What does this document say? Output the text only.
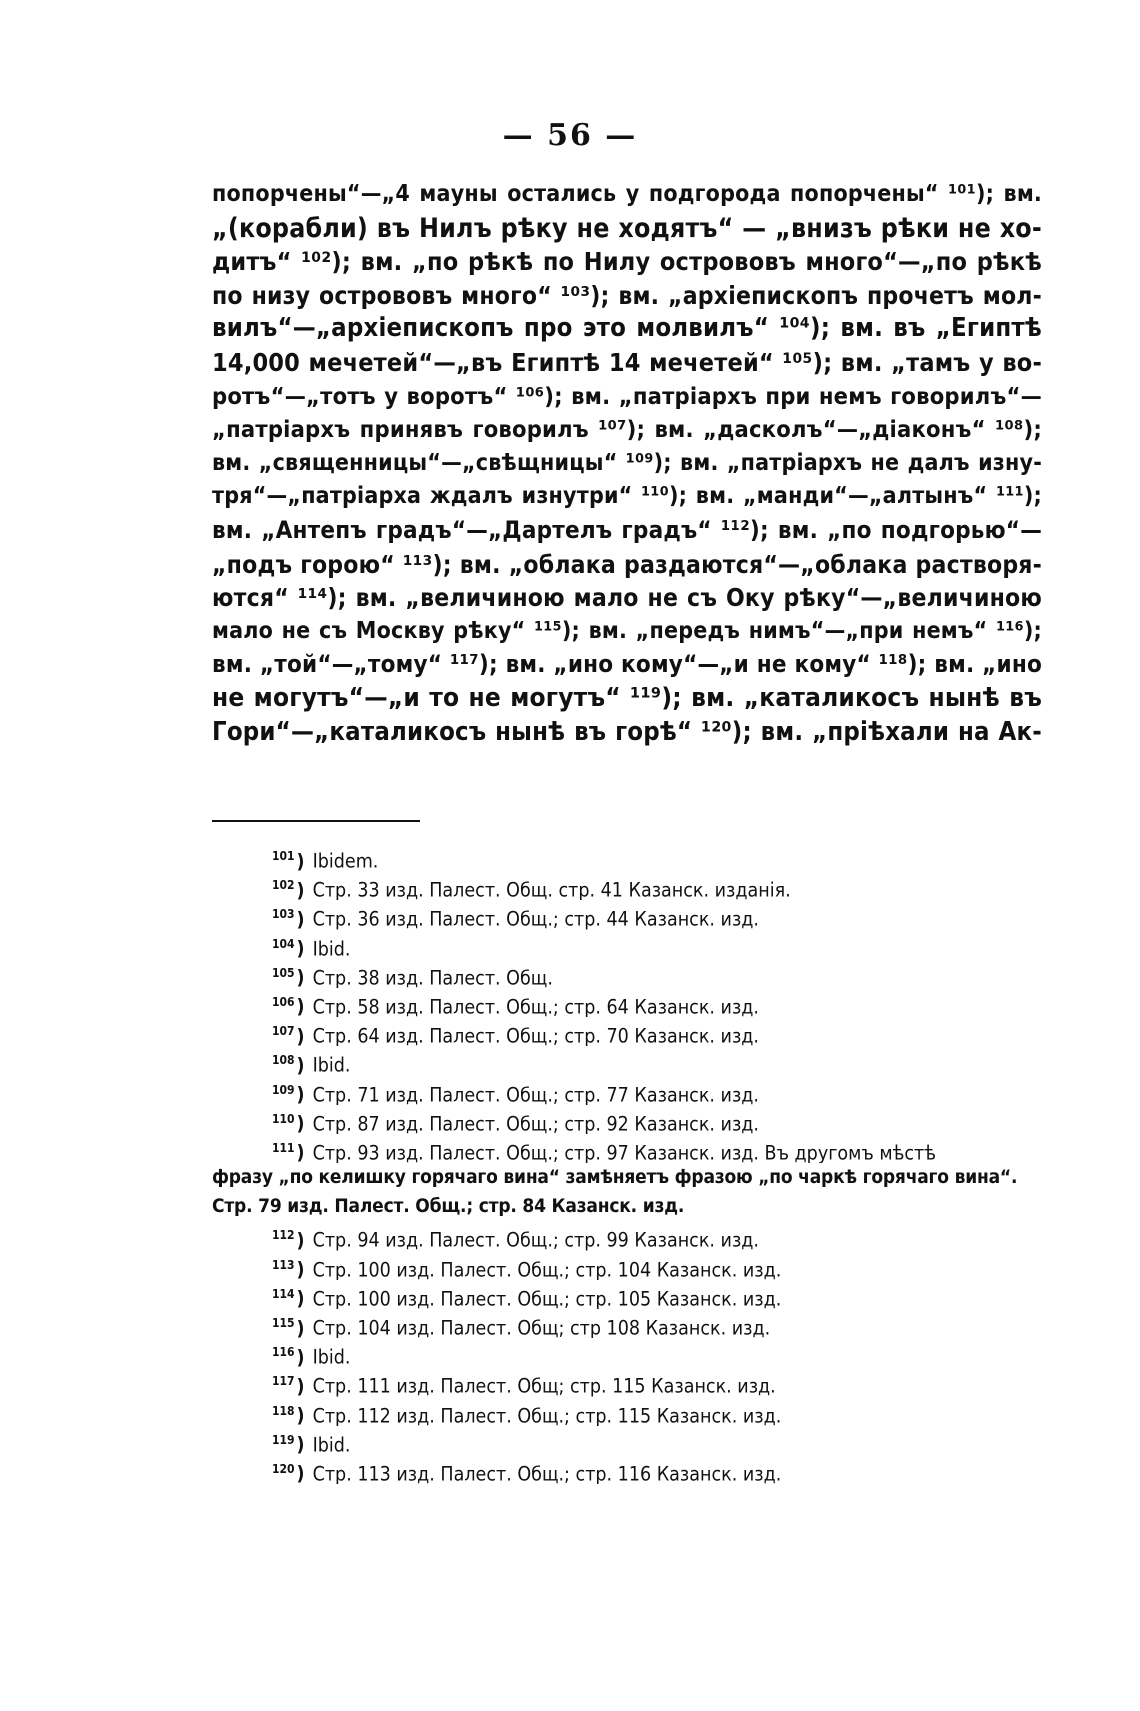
— 56 —
попорчены“—„4 мауны остались у подгорода попорчены“ ¹⁰¹); вм.
„(корабли) въ Нилъ рѣку не ходятъ“ — „внизъ рѣки не хо-
дитъ“ ¹⁰²); вм. „по рѣкѣ по Нилу острововъ много“—„по рѣкѣ
по низу острововъ много“ ¹⁰³); вм. „архіепископъ прочетъ мол-
вилъ“—„архіепископъ про это молвилъ“ ¹⁰⁴); вм. въ „Египтѣ
14,000 мечетей“—„въ Египтѣ 14 мечетей“ ¹⁰⁵); вм. „тамъ у во-
ротъ“—„тотъ у воротъ“ ¹⁰⁶); вм. „патріархъ при немъ говорилъ“—
„патріархъ принявъ говорилъ ¹⁰⁷); вм. „дасколъ“—„діаконъ“ ¹⁰⁸);
вм. „священницы“—„свѣщницы“ ¹⁰⁹); вм. „патріархъ не далъ изну-
тря“—„патріарха ждалъ изнутри“ ¹¹⁰); вм. „манди“—„алтынъ“ ¹¹¹);
вм. „Антепъ градъ“—„Дартелъ градъ“ ¹¹²); вм. „по подгорью“—
„подъ горою“ ¹¹³); вм. „облака раздаются“—„облака растворя-
ются“ ¹¹⁴); вм. „величиною мало не съ Оку рѣку“—„величиною
мало не съ Москву рѣку“ ¹¹⁵); вм. „передъ нимъ“—„при немъ“ ¹¹⁶);
вм. „той“—„тому“ ¹¹⁷); вм. „ино кому“—„и не кому“ ¹¹⁸); вм. „ино
не могутъ“—„и то не могутъ“ ¹¹⁹); вм. „каталикосъ нынѣ въ
Гори“—„каталикосъ нынѣ въ горѣ“ ¹²⁰); вм. „пріѣхали на Ак-
$^{101}$ ) Ibidem.
$^{102}$ ) Стр. 33 изд. Палест. Общ. стр. 41 Казанск. изданія.
$^{103}$ ) Стр. 36 изд. Палест. Общ.; стр. 44 Казанск. изд.
$^{104}$ ) Ibid.
$^{105}$ ) Стр. 38 изд. Палест. Общ.
$^{106}$ ) Стр. 58 изд. Палест. Общ.; стр. 64 Казанск. изд.
$^{107}$ ) Стр. 64 изд. Палест. Общ.; стр. 70 Казанск. изд.
$^{108}$ ) Ibid.
$^{109}$ ) Стр. 71 изд. Палест. Общ.; стр. 77 Казанск. изд.
$^{110}$ ) Стр. 87 изд. Палест. Общ.; стр. 92 Казанск. изд.
$^{111}$ ) Стр. 93 изд. Палест. Общ.; стр. 97 Казанск. изд. Въ другомъ мѣстѣ
фразу „по келишку горячаго вина“ замѣняетъ фразою „по чаркѣ горячаго вина“.
Стр. 79 изд. Палест. Общ.; стр. 84 Казанск. изд.
$^{112}$ ) Стр. 94 изд. Палест. Общ.; стр. 99 Казанск. изд.
$^{113}$ ) Стр. 100 изд. Палест. Общ.; стр. 104 Казанск. изд.
$^{114}$ ) Стр. 100 изд. Палест. Общ.; стр. 105 Казанск. изд.
$^{115}$ ) Стр. 104 изд. Палест. Общ; стр 108 Казанск. изд.
$^{116}$ ) Ibid.
$^{117}$ ) Стр. 111 изд. Палест. Общ; стр. 115 Казанск. изд.
$^{118}$ ) Стр. 112 изд. Палест. Общ.; стр. 115 Казанск. изд.
$^{119}$ ) Ibid.
$^{120}$ ) Стр. 113 изд. Палест. Общ.; стр. 116 Казанск. изд.
